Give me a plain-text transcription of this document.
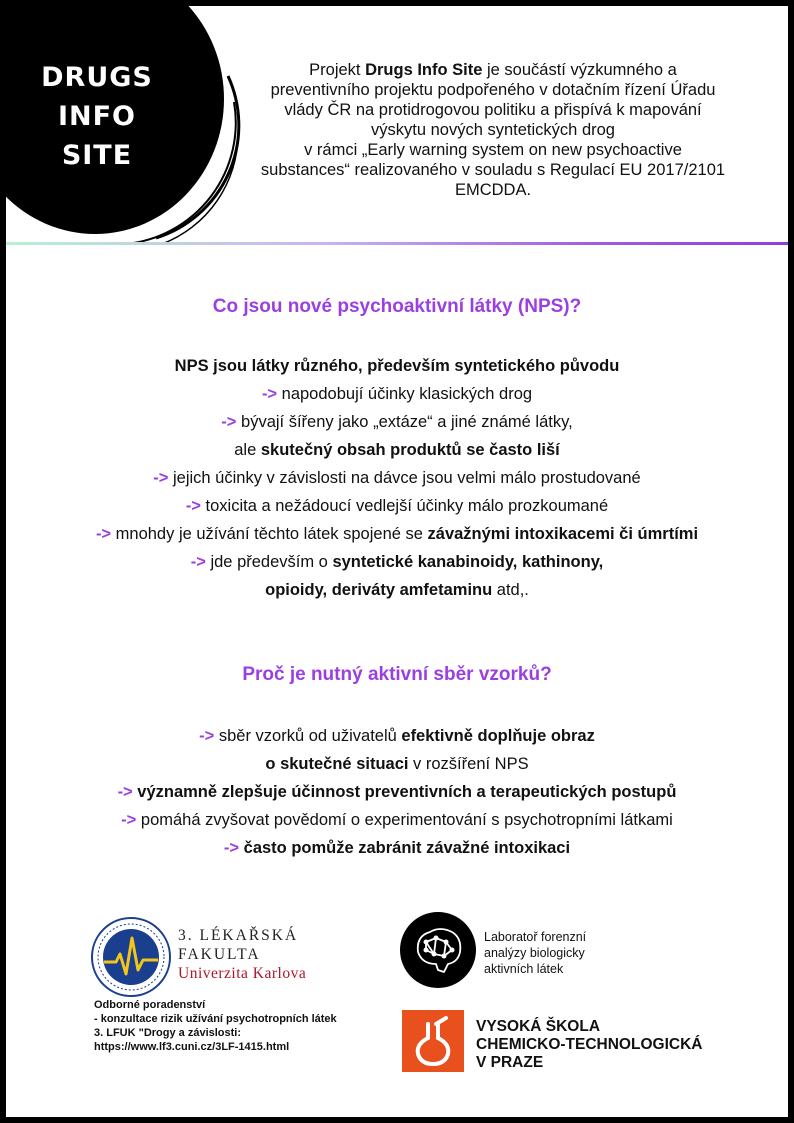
DRUGS
INFO
SITE
Projekt Drugs Info Site je součástí výzkumného a
preventivního projektu podpořeného v dotačním řízení Úřadu
vlády ČR na protidrogovou politiku a přispívá k mapování
výskytu nových syntetických drog
v rámci „Early warning system on new psychoactive
substances“ realizovaného v souladu s Regulací EU 2017/2101
EMCDDA.
Co jsou nové psychoaktivní látky (NPS)?
NPS jsou látky různého, především syntetického původu
-> napodobují účinky klasických drog
-> bývají šířeny jako „extáze“ a jiné známé látky,
ale skutečný obsah produktů se často liší
-> jejich účinky v závislosti na dávce jsou velmi málo prostudované
-> toxicita a nežádoucí vedlejší účinky málo prozkoumané
-> mnohdy je užívání těchto látek spojené se závažnými intoxikacemi či úmrtími
-> jde především o syntetické kanabinoidy, kathinony,
opioidy, deriváty amfetaminu atd,.
Proč je nutný aktivní sběr vzorků?
-> sběr vzorků od uživatelů efektivně doplňuje obraz
o skutečné situaci v rozšíření NPS
-> významně zlepšuje účinnost preventivních a terapeutických postupů
-> pomáhá zvyšovat povědomí o experimentování s psychotropními látkami
-> často pomůže zabránit závažné intoxikaci
3. LÉKAŘSKÁ
FAKULTA
Univerzita Karlova
Odborné poradenství
- konzultace rizik užívání psychotropních látek
3. LFUK "Drogy a závislosti:
https://www.lf3.cuni.cz/3LF-1415.html
Laboratoř forenzní
analýzy biologicky
aktivních látek
VYSOKÁ ŠKOLA
CHEMICKO-TECHNOLOGICKÁ
V PRAZE
